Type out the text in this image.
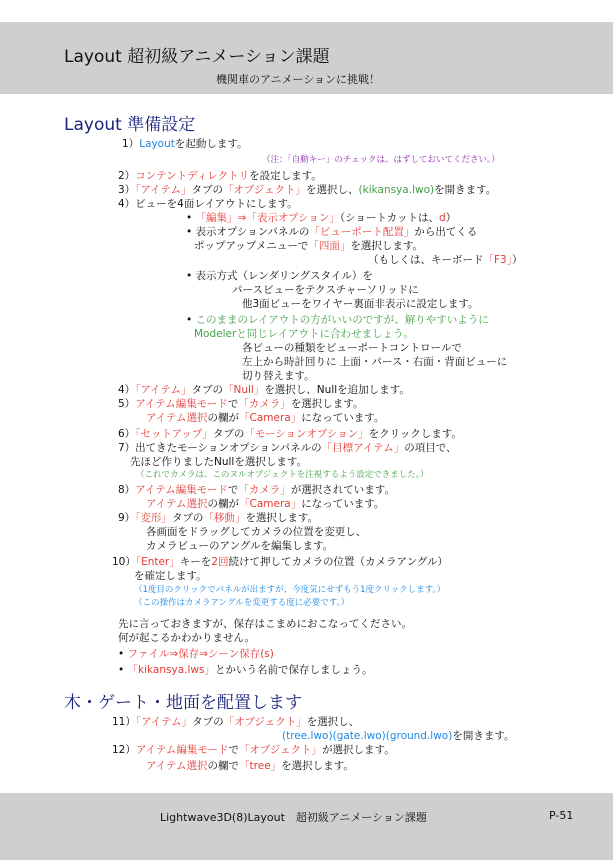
Layout 超初級アニメーション課題
機関車のアニメーションに挑戦！
Layout 準備設定
木・ゲート・地面を配置します
1）Layoutを起動します。
（注：「自動キー」のチェックは、はずしておいてください。）
2）コンテントディレクトリを設定します。
3）「アイテム」タブの「オブジェクト」を選択し、(kikansya.lwo)を開きます。
4）ビューを4面レイアウトにします。
• 「編集」⇒「表示オプション」（ショートカットは、d）
• 表示オプションパネルの「ビューポート配置」から出てくる
ポップアップメニューで「四面」を選択します。
（もしくは、キーボード「F3」）
• 表示方式（レンダリングスタイル）を
パースビューをテクスチャーソリッドに
他3面ビューをワイヤー裏面非表示に設定します。
• このままのレイアウトの方がいいのですが、解りやすいように
Modelerと同じレイアウトに合わせましょう。
各ビューの種類をビューポートコントロールで
左上から時計回りに 上面・パース・右面・背面ビューに
切り替えます。
4）「アイテム」タブの「Null」を選択し、Nullを追加します。
5）アイテム編集モードで「カメラ」を選択します。
アイテム選択の欄が「Camera」になっています。
6）「セットアップ」タブの「モーションオプション」をクリックします。
7）出てきたモーションオプションパネルの「目標アイテム」の項目で、
先ほど作りましたNullを選択します。
（これでカメラは、このヌルオブジェクトを注視するよう設定できました。）
8）アイテム編集モードで「カメラ」が選択されています。
アイテム選択の欄が「Camera」になっています。
9）「変形」タブの「移動」を選択します。
各画面をドラッグしてカメラの位置を変更し、
カメラビューのアングルを編集します。
10）「Enter」キーを2回続けて押してカメラの位置（カメラアングル）
を確定します。
（1度目のクリックでパネルが出ますが、今度気にせずもう1度クリックします。）
（この操作はカメラアングルを変更する度に必要です。）
先に言っておきますが、保存はこまめにおこなってください。
何が起こるかわかりません。
• ファイル⇒保存⇒シーン保存(s)
• 「kikansya.lws」とかいう名前で保存しましょう。
11）「アイテム」タブの「オブジェクト」を選択し、
(tree.lwo)(gate.lwo)(ground.lwo)を開きます。
12）アイテム編集モードで「オブジェクト」が選択します。
アイテム選択の欄で「tree」を選択します。
Lightwave3D(8)Layout　超初級アニメーション課題	P-51
